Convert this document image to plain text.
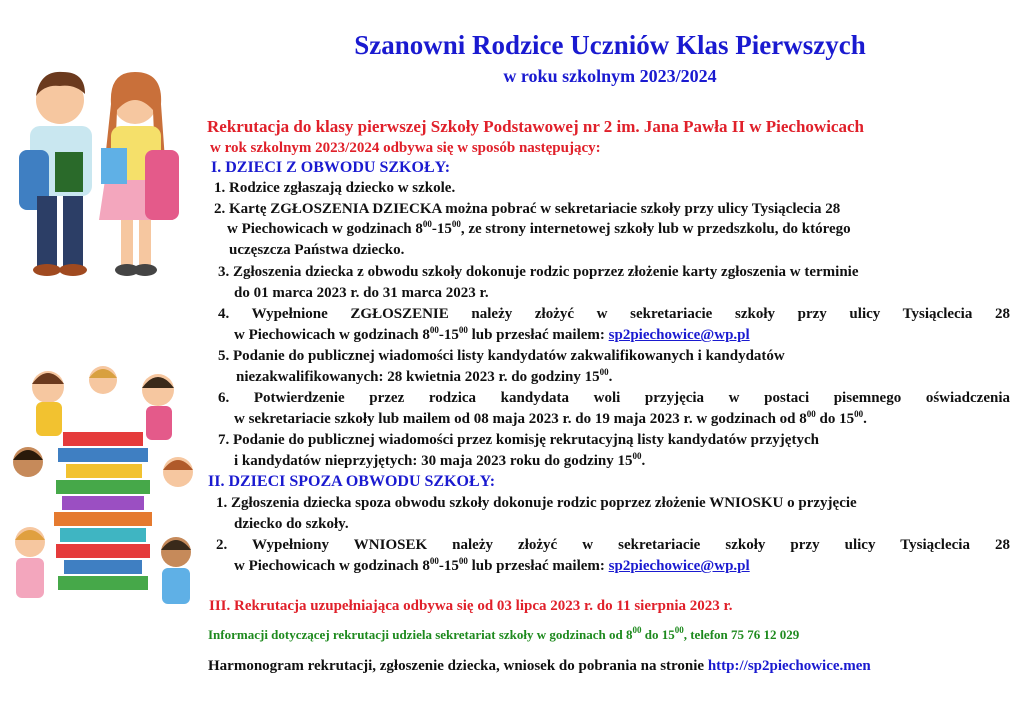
Szanowni Rodzice Uczniów Klas Pierwszych
w roku szkolnym 2023/2024
Rekrutacja do klasy pierwszej Szkoły Podstawowej nr 2 im. Jana Pawła II w Piechowicach
w rok szkolnym 2023/2024 odbywa się w sposób następujący:
I. DZIECI Z OBWODU SZKOŁY:
1. Rodzice zgłaszają dziecko w szkole.
2. Kartę ZGŁOSZENIA DZIECKA można pobrać w sekretariacie szkoły przy ulicy Tysiąclecia 28
w Piechowicach w godzinach $8^{00}-15^{00}$, ze strony internetowej szkoły lub w przedszkolu, do którego
uczęszcza Państwa dziecko.
3. Zgłoszenia dziecka z obwodu szkoły dokonuje rodzic poprzez złożenie karty zgłoszenia w terminie
do 01 marca 2023 r. do 31 marca 2023 r.
4. Wypełnione ZGŁOSZENIE należy złożyć w sekretariacie szkoły przy ulicy Tysiąclecia 28
w Piechowicach w godzinach $8^{00}-15^{00}$ lub przesłać mailem: sp2piechowice@wp.pl
5. Podanie do publicznej wiadomości listy kandydatów zakwalifikowanych i kandydatów
niezakwalifikowanych: 28 kwietnia 2023 r. do godziny $15^{00}$.
6. Potwierdzenie przez rodzica kandydata woli przyjęcia w postaci pisemnego oświadczenia
w sekretariacie szkoły lub mailem od 08 maja 2023 r. do 19 maja 2023 r. w godzinach od $8^{00}$ do $15^{00}$.
7. Podanie do publicznej wiadomości przez komisję rekrutacyjną listy kandydatów przyjętych
i kandydatów nieprzyjętych: 30 maja 2023 roku do godziny $15^{00}$.
II. DZIECI SPOZA OBWODU SZKOŁY:
1. Zgłoszenia dziecka spoza obwodu szkoły dokonuje rodzic poprzez złożenie WNIOSKU o przyjęcie
dziecko do szkoły.
2. Wypełniony WNIOSEK należy złożyć w sekretariacie szkoły przy ulicy Tysiąclecia 28
w Piechowicach w godzinach $8^{00}-15^{00}$ lub przesłać mailem: sp2piechowice@wp.pl
III. Rekrutacja uzupełniająca odbywa się od 03 lipca 2023 r. do 11 sierpnia 2023 r.
Informacji dotyczącej rekrutacji udziela sekretariat szkoły w godzinach od $8^{00}$ do $15^{00}$, telefon 75 76 12 029
Harmonogram rekrutacji, zgłoszenie dziecka, wniosek do pobrania na stronie http://sp2piechowice.men
